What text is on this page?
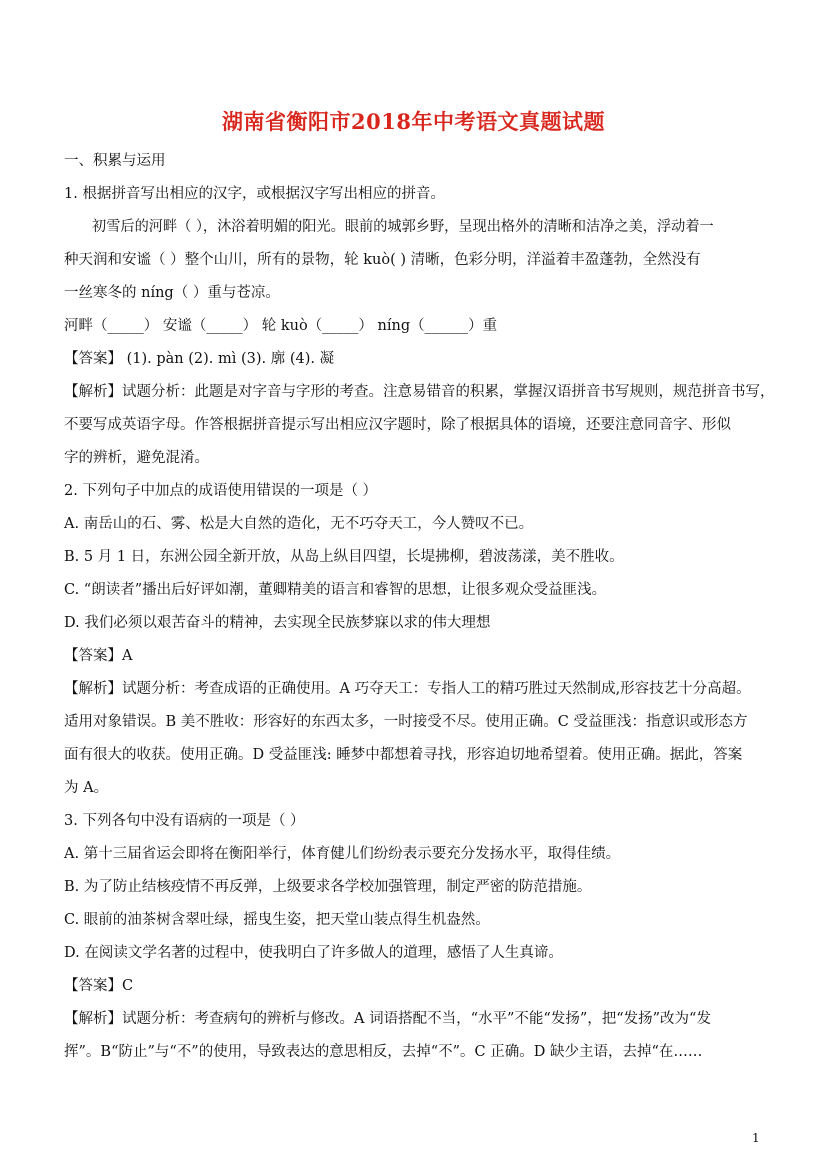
湖南省衡阳市2018年中考语文真题试题
一、积累与运用
1. 根据拼音写出相应的汉字，或根据汉字写出相应的拼音。
初雪后的河畔（ ），沐浴着明媚的阳光。眼前的城郭乡野，呈现出格外的清晰和洁净之美，浮动着一
种天润和安谧（ ）整个山川，所有的景物，轮 kuò( ) 清晰，色彩分明，洋溢着丰盈蓬勃，全然没有
一丝寒冬的 níng（ ）重与苍凉。
河畔（_____） 安谧（_____） 轮 kuò（_____） níng（______）重
【答案】 (1). pàn (2). mì (3). 廓 (4). 凝
【解析】试题分析：此题是对字音与字形的考查。注意易错音的积累，掌握汉语拼音书写规则，规范拼音书写，
不要写成英语字母。作答根据拼音提示写出相应汉字题时，除了根据具体的语境，还要注意同音字、形似
字的辨析，避免混淆。
2. 下列句子中加点的成语使用错误的一项是（ ）
A. 南岳山的石、雾、松是大自然的造化，无不巧夺天工，今人赞叹不已。
B. 5 月 1 日，东洲公园全新开放，从岛上纵目四望，长堤拂柳，碧波荡漾，美不胜收。
C. “朗读者”播出后好评如潮，董卿精美的语言和睿智的思想，让很多观众受益匪浅。
D. 我们必须以艰苦奋斗的精神，去实现全民族梦寐以求的伟大理想
【答案】A
【解析】试题分析：考查成语的正确使用。A 巧夺天工：专指人工的精巧胜过天然制成,形容技艺十分高超。
适用对象错误。B 美不胜收：形容好的东西太多，一时接受不尽。使用正确。C 受益匪浅：指意识或形态方
面有很大的收获。使用正确。D 受益匪浅: 睡梦中都想着寻找，形容迫切地希望着。使用正确。据此，答案
为 A。
3. 下列各句中没有语病的一项是（ ）
A. 第十三届省运会即将在衡阳举行，体育健儿们纷纷表示要充分发扬水平，取得佳绩。
B. 为了防止结核疫情不再反弹，上级要求各学校加强管理，制定严密的防范措施。
C. 眼前的油茶树含翠吐绿，摇曳生姿，把天堂山装点得生机盎然。
D. 在阅读文学名著的过程中，使我明白了许多做人的道理，感悟了人生真谛。
【答案】C
【解析】试题分析：考查病句的辨析与修改。A 词语搭配不当，“水平”不能“发扬”，把“发扬”改为“发
挥”。B“防止”与“不”的使用，导致表达的意思相反，去掉“不”。C 正确。D 缺少主语，去掉“在……
1
